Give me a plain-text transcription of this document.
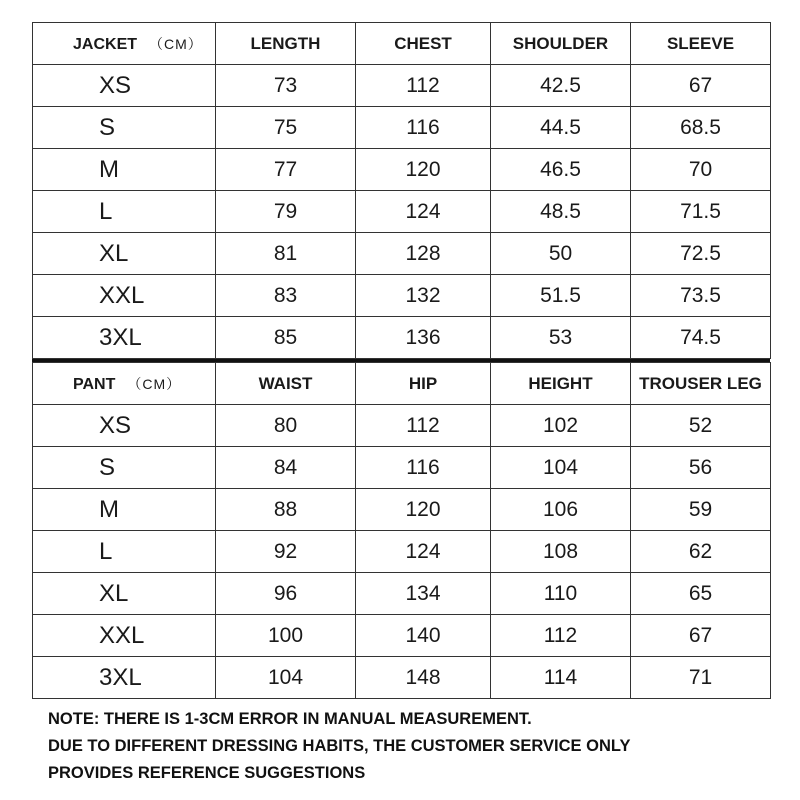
JACKET （CM）	LENGTH	CHEST	SHOULDER	SLEEVE
XS	73	112	42.5	67
S	75	116	44.5	68.5
M	77	120	46.5	70
L	79	124	48.5	71.5
XL	81	128	50	72.5
XXL	83	132	51.5	73.5
3XL	85	136	53	74.5
PANT （CM）	WAIST	HIP	HEIGHT	TROUSER LEG
XS	80	112	102	52
S	84	116	104	56
M	88	120	106	59
L	92	124	108	62
XL	96	134	110	65
XXL	100	140	112	67
3XL	104	148	114	71
NOTE: THERE IS 1-3CM ERROR IN MANUAL MEASUREMENT.
DUE TO DIFFERENT DRESSING HABITS, THE CUSTOMER SERVICE ONLY
PROVIDES REFERENCE SUGGESTIONS
